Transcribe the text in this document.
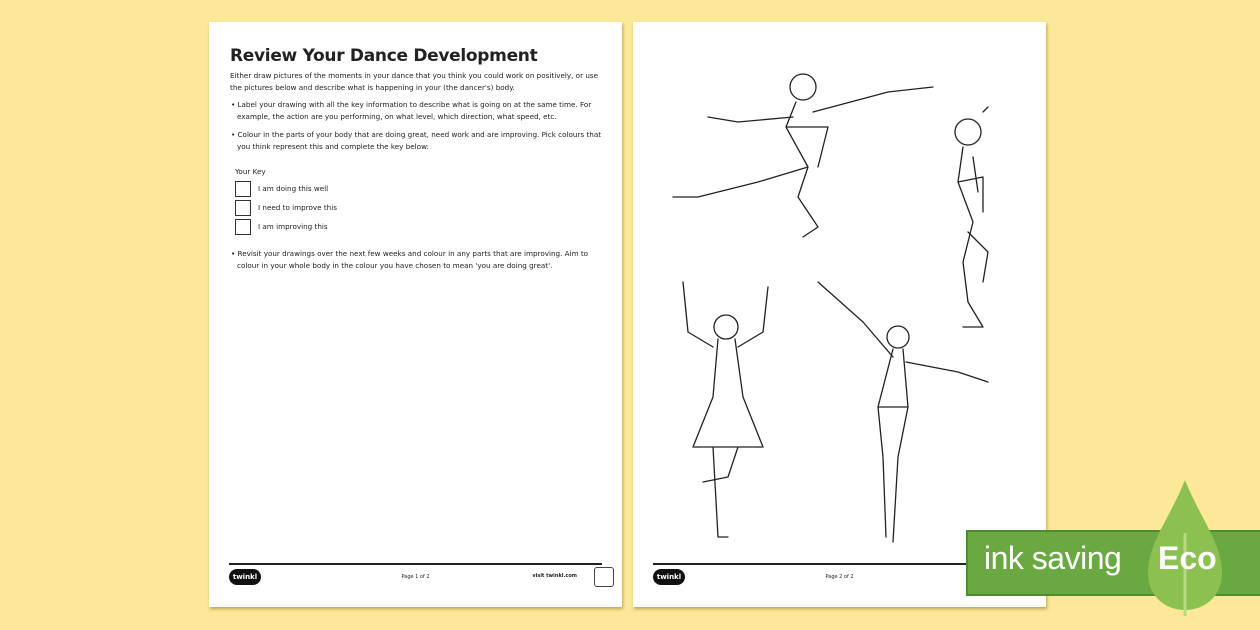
Review Your Dance Development
Either draw pictures of the moments in your dance that you think you could work on positively, or use the pictures below and describe what is happening in your (the dancer's) body.
• Label your drawing with all the key information to describe what is going on at the same time. For example, the action are you performing, on what level, which direction, what speed, etc.
• Colour in the parts of your body that are doing great, need work and are improving. Pick colours that you think represent this and complete the key below:
Your Key
I am doing this well
I need to improve this
I am improving this
• Revisit your drawings over the next few weeks and colour in any parts that are improving. Aim to colour in your whole body in the colour you have chosen to mean 'you are doing great'.
twinkl	Page 1 of 2	visit twinkl.com	twinkl	Page 2 of 2
ink saving Eco
